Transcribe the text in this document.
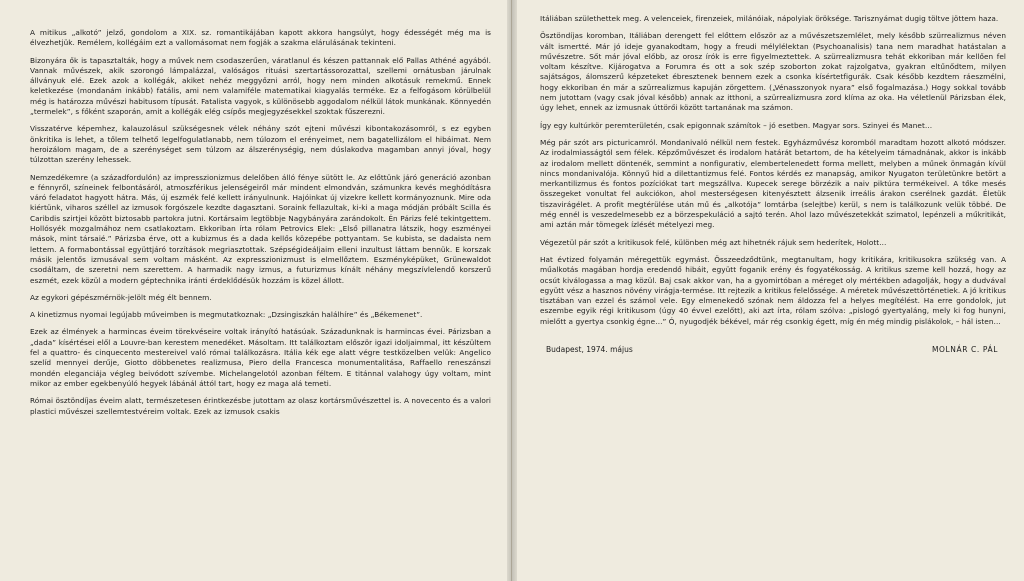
A mitikus „alkotó” jelző, gondolom a XIX. sz. romantikájában kapott akkora hangsúlyt, hogy édességét még ma is élvezhetjük. Remélem, kollégáim ezt a vallomásomat nem fogják a szakma elárulásának tekinteni.

Bizonyára ők is tapasztalták, hogy a művek nem csodaszerűen, váratlanul és készen pattannak elő Pallas Athéné agyából. Vannak művészek, akik szorongó lámpalázzal, valóságos rituási szertartássorozattal, szellemi ornátusban járulnak állványuk elé. Ezek azok a kollégák, akiket nehéz meggyőzni arról, hogy nem minden alkotásuk remekmű. Ennek keletkezése (mondanám inkább) fatális, ami nem valamiféle matematikai kiagyalás terméke. Ez a felfogásom körülbelül még is határozza művészi habitusom típusát. Fatalista vagyok, s különösebb aggodalom nélkül látok munkának. Könnyedén „termelek”, s főként szaporán, amit a kollégák elég csípős megjegyzésekkel szoktak fűszerezni.

Visszatérve képemhez, kalauzolásul szükségesnek vélek néhány szót ejteni művészi kibontakozásomról, s ez egyben önkritika is lehet, a tőlem telhető legelfogulatlanabb, nem túlozom el erényeimet, nem bagatellizálom el hibáimat. Nem heroizálom magam, de a szerénységet sem túlzom az álszerénységig, nem dúslakodva magamban annyi jóval, hogy túlzottan szerény lehessek.

Nemzedékemre (a századfordulón) az impresszionizmus delelőben álló fénye sütött le. Az előttünk járó generáció azonban e fénnyről, színeinek felbontásáról, atmoszférikus jelenségeiről már mindent elmondván, számunkra kevés meghódításra váró feladatot hagyott hátra. Más, új eszmék felé kellett irányulnunk. Hajóinkat új vizekre kellett kormányoznunk. Mire oda kiértünk, viharos széllel az izmusok forgószele kezdte dagasztani. Soraink fellazultak, ki-ki a maga módján próbált Scilla és Caribdis szirtjei között biztosabb partokra jutni. Kortársaim legtöbbje Nagybányára zarándokolt. Én Párizs felé tekintgettem. Hollósyék mozgalmához nem csatlakoztam. Ekkoriban írta rólam Petrovics Elek: „Első pillanatra látszik, hogy eszményei mások, mint társaié.” Párizsba érve, ott a kubizmus és a dada kellős közepébe pottyantam. Se kubista, se dadaista nem lettem. A formabontással együttjáró torzítások megriasztottak. Szépségideáljaim elleni inzultust láttam bennük. E korszak másik jelentős izmusával sem voltam másként. Az expresszionizmust is elmellőztem. Eszményképüket, Grünewaldot csodáltam, de szeretni nem szerettem. A harmadik nagy izmus, a futurizmus kínált néhány megszívlelendő korszerű eszmét, ezek közül a modern géptechnika iránti érdeklődésük hozzám is közel állott.

Az egykori gépészmérnök-jelölt még élt bennem.

A kinetizmus nyomai legújabb műveimben is megmutatkoznak: „Dzsingiszkán halálhíre” és „Békemenet”.

Ezek az élmények a harmincas éveim törekvéseire voltak irányító hatásúak. Századunknak is harmincas évei. Párizsban a „dada” kísértései elől a Louvre-ban kerestem menedéket. Másoltam. Itt találkoztam először igazi idoljaimmal, itt készültem fel a quattro- és cinquecento mestereivel való római találkozásra. Itália kék ege alatt végre testközelben velük: Angelico szelíd mennyei derűje, Giotto döbbenetes realizmusa, Piero della Francesca monumentalitása, Raffaello reneszánszi mondén eleganciája végleg beivódott szívembe. Michelangelotól azonban féltem. E titánnal valahogy úgy voltam, mint mikor az ember egekbenyúló hegyek lábánál áttól tart, hogy ez maga alá temeti.

Római ösztöndíjas éveim alatt, természetesen érintkezésbe jutottam az olasz kortársművészettel is. A novecento és a valori plastici művészei szellemtestvéreim voltak. Ezek az izmusok csakis

Itáliában születhettek meg. A velenceiek, firenzeiek, milánóiak, nápolyiak öröksége. Tarisznyámat dugig töltve jöttem haza.

Ösztöndíjas koromban, Itáliában derengett fel előttem először az a művészetszemlélet, mely később szürrealizmus néven vált ismertté. Már jó ideje gyanakodtam, hogy a freudi mélylélektan (Psychoanalisis) tana nem maradhat hatástalan a művészetre. Sőt már jóval előbb, az orosz írók is erre figyelmeztettek. A szürrealizmusra tehát ekkoriban már kellően fel voltam készítve. Kijárogatva a Forumra és ott a sok szép szoborton zokat rajzolgatva, gyakran eltűnődtem, milyen sajátságos, álomszerű képzeteket ébresztenek bennem ezek a csonka kísértetfigurák. Csak később kezdtem ráeszmélni, hogy ekkoriban én már a szürrealizmus kapuján zörgettem. („Vénasszonyok nyara” első fogalmazása.) Hogy sokkal tovább nem jutottam (vagy csak jóval később) annak az itthoni, a szürrealizmusra zord klíma az oka. Ha véletlenül Párizsban élek, úgy lehet, ennek az izmusnak úttörői között tartanának ma számon.

Így egy kultúrkör peremterületén, csak epigonnak számítok – jó esetben. Magyar sors. Szinyei és Manet…

Még pár szót ars picturicamról. Mondanivaló nélkül nem festek. Egyházművész koromból maradtam hozott alkotó módszer. Az irodalmiasságtól sem félek. Képzőművészet és irodalom határát betartom, de ha kételyeim támadnának, akkor is inkább az irodalom mellett döntenék, semmint a nonfigurativ, elembertelenedett forma mellett, melyben a műnek önmagán kívül nincs mondanivalója. Könnyű hid a dilettantizmus felé. Fontos kérdés ez manapság, amikor Nyugaton területünkre betört a merkantilizmus és fontos pozíciókat tart megszállva. Kupecek serege börzézik a naiv piktúra termékeivel. A tőke mesés összegeket vonultat fel aukciókon, ahol mesterségesen kitenyésztett álzsenik irreális árakon cserélnek gazdát. Életük tiszavirágélet. A profit megtérülése után mű és „alkotója” lomtárba (selejtbe) kerül, s nem is találkozunk velük többé. De még ennél is veszedelmesebb ez a börzespekuláció a sajtó terén. Ahol lazo művészetekkát szimatol, lepénzeli a műkritikát, ami aztán már tömegek ízlését mételyezi meg.

Végezetül pár szót a kritikusok felé, különben még azt hihetnék rájuk sem hederítek, Holott…

Hat évtized folyamán méregettük egymást. Összeedződtünk, megtanultam, hogy kritikára, kritikusokra szükség van. A műalkotás magában hordja eredendő hibáit, együtt foganik erény és fogyatékosság. A kritikus szeme kell hozzá, hogy az ocsút kiválogassa a mag közül. Baj csak akkor van, ha a gyomirtóban a méreget oly mértékben adagolják, hogy a dudvával együtt vész a hasznos növény virágja-termése. Itt rejtezik a kritikus felelőssége. A méretek művészettörténetiek. A jó kritikus tisztában van ezzel és számol vele. Egy elmenekedő szónak nem áldozza fel a helyes megítélést. Ha erre gondolok, jut eszembe egyik régi kritikusom (úgy 40 évvel ezelőtt), aki azt írta, rólam szólva: „pislogó gyertyaláng, mely ki fog hunyni, mielőtt a gyertya csonkig égne…” Ó, nyugodjék békével, már rég csonkig égett, míg én még mindig pislákolok, – hál isten…

Budapest, 1974. május	MOLNÁR C. PÁL
